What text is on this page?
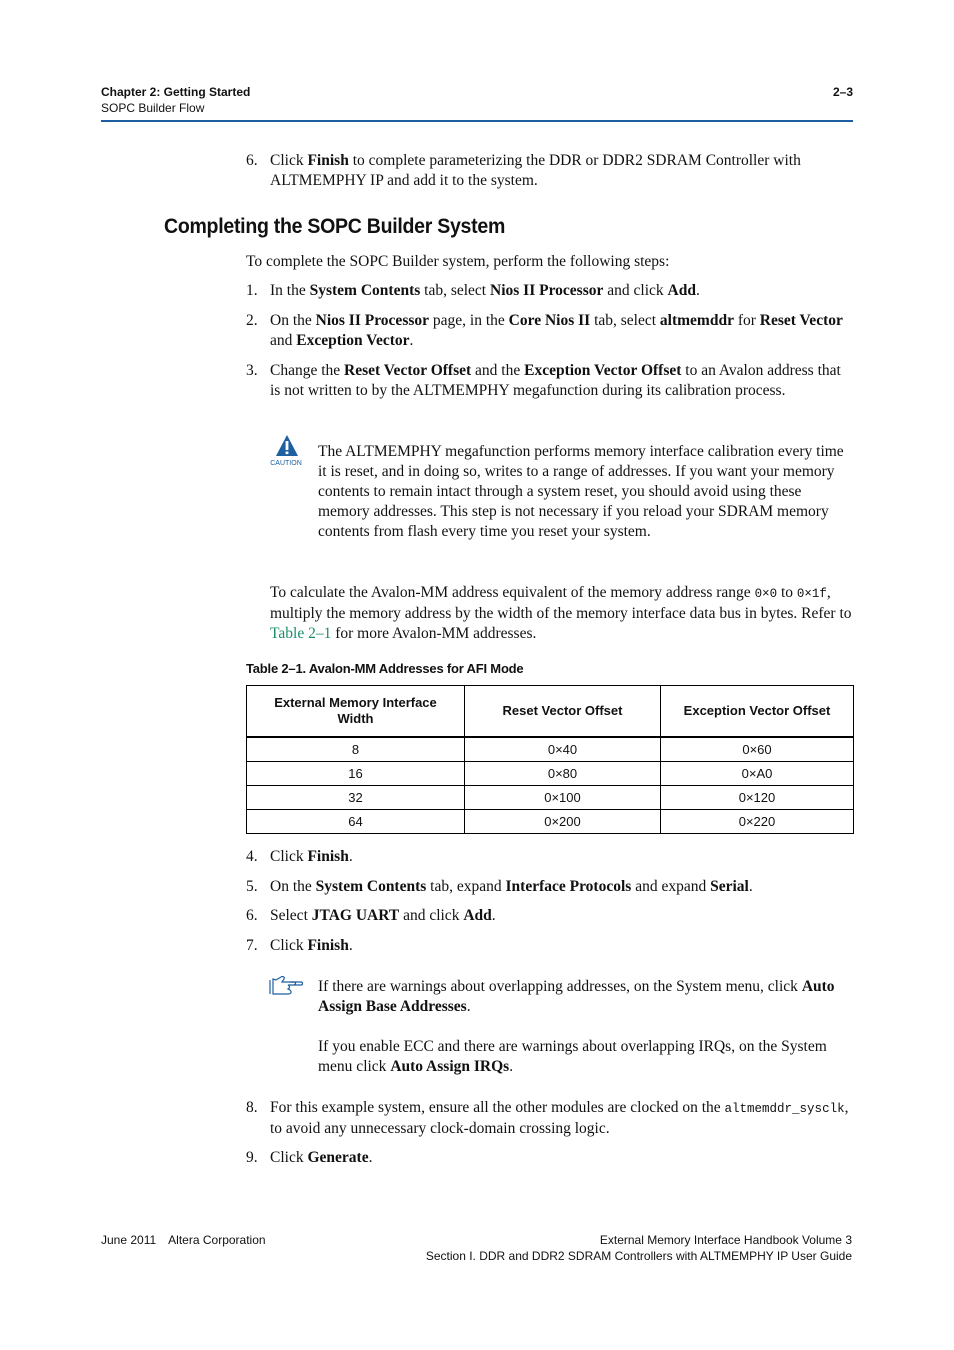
Chapter 2: Getting Started
SOPC Builder Flow
2–3
6. Click Finish to complete parameterizing the DDR or DDR2 SDRAM Controller with ALTMEMPHY IP and add it to the system.
Completing the SOPC Builder System
To complete the SOPC Builder system, perform the following steps:
1. In the System Contents tab, select Nios II Processor and click Add.
2. On the Nios II Processor page, in the Core Nios II tab, select altmemddr for Reset Vector and Exception Vector.
3. Change the Reset Vector Offset and the Exception Vector Offset to an Avalon address that is not written to by the ALTMEMPHY megafunction during its calibration process.
CAUTION
The ALTMEMPHY megafunction performs memory interface calibration every time it is reset, and in doing so, writes to a range of addresses. If you want your memory contents to remain intact through a system reset, you should avoid using these memory addresses. This step is not necessary if you reload your SDRAM memory contents from flash every time you reset your system.
To calculate the Avalon-MM address equivalent of the memory address range 0×0 to 0×1f, multiply the memory address by the width of the memory interface data bus in bytes. Refer to Table 2–1 for more Avalon-MM addresses.
Table 2–1. Avalon-MM Addresses for AFI Mode
External Memory Interface Width	Reset Vector Offset	Exception Vector Offset
8	0×40	0×60
16	0×80	0×A0
32	0×100	0×120
64	0×200	0×220
4. Click Finish.
5. On the System Contents tab, expand Interface Protocols and expand Serial.
6. Select JTAG UART and click Add.
7. Click Finish.
If there are warnings about overlapping addresses, on the System menu, click Auto Assign Base Addresses.
If you enable ECC and there are warnings about overlapping IRQs, on the System menu click Auto Assign IRQs.
8. For this example system, ensure all the other modules are clocked on the altmemddr_sysclk, to avoid any unnecessary clock-domain crossing logic.
9. Click Generate.
June 2011 Altera Corporation	External Memory Interface Handbook Volume 3
Section I. DDR and DDR2 SDRAM Controllers with ALTMEMPHY IP User Guide
